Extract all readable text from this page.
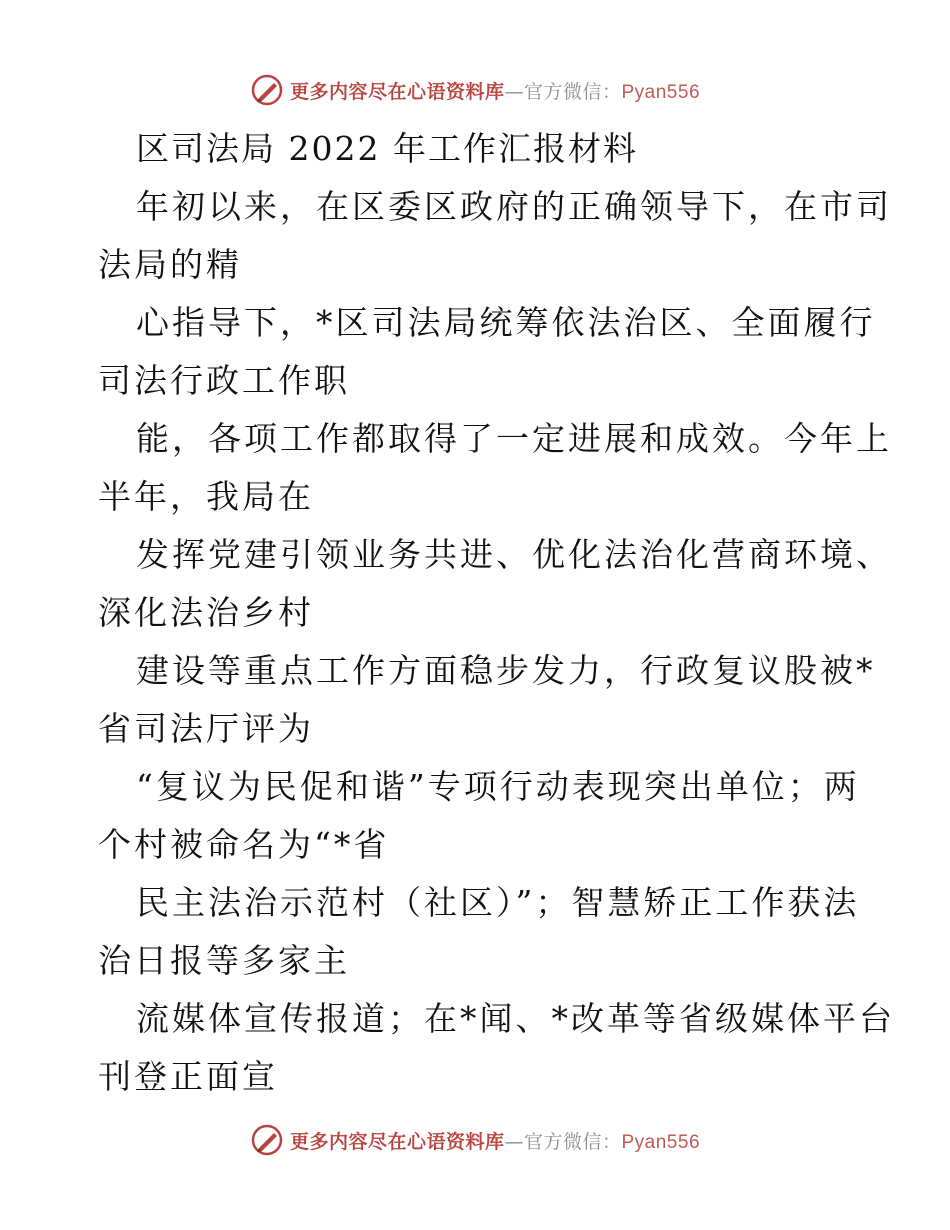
更多内容尽在心语资料库—官方微信：Pyan556
区司法局 2022 年工作汇报材料
年初以来，在区委区政府的正确领导下，在市司
法局的精
心指导下，*区司法局统筹依法治区、全面履行
司法行政工作职
能，各项工作都取得了一定进展和成效。今年上
半年，我局在
发挥党建引领业务共进、优化法治化营商环境、
深化法治乡村
建设等重点工作方面稳步发力，行政复议股被*
省司法厅评为
“复议为民促和谐”专项行动表现突出单位；两
个村被命名为“*省
民主法治示范村（社区）”；智慧矫正工作获法
治日报等多家主
流媒体宣传报道；在*闻、*改革等省级媒体平台
刊登正面宣
更多内容尽在心语资料库—官方微信：Pyan556
